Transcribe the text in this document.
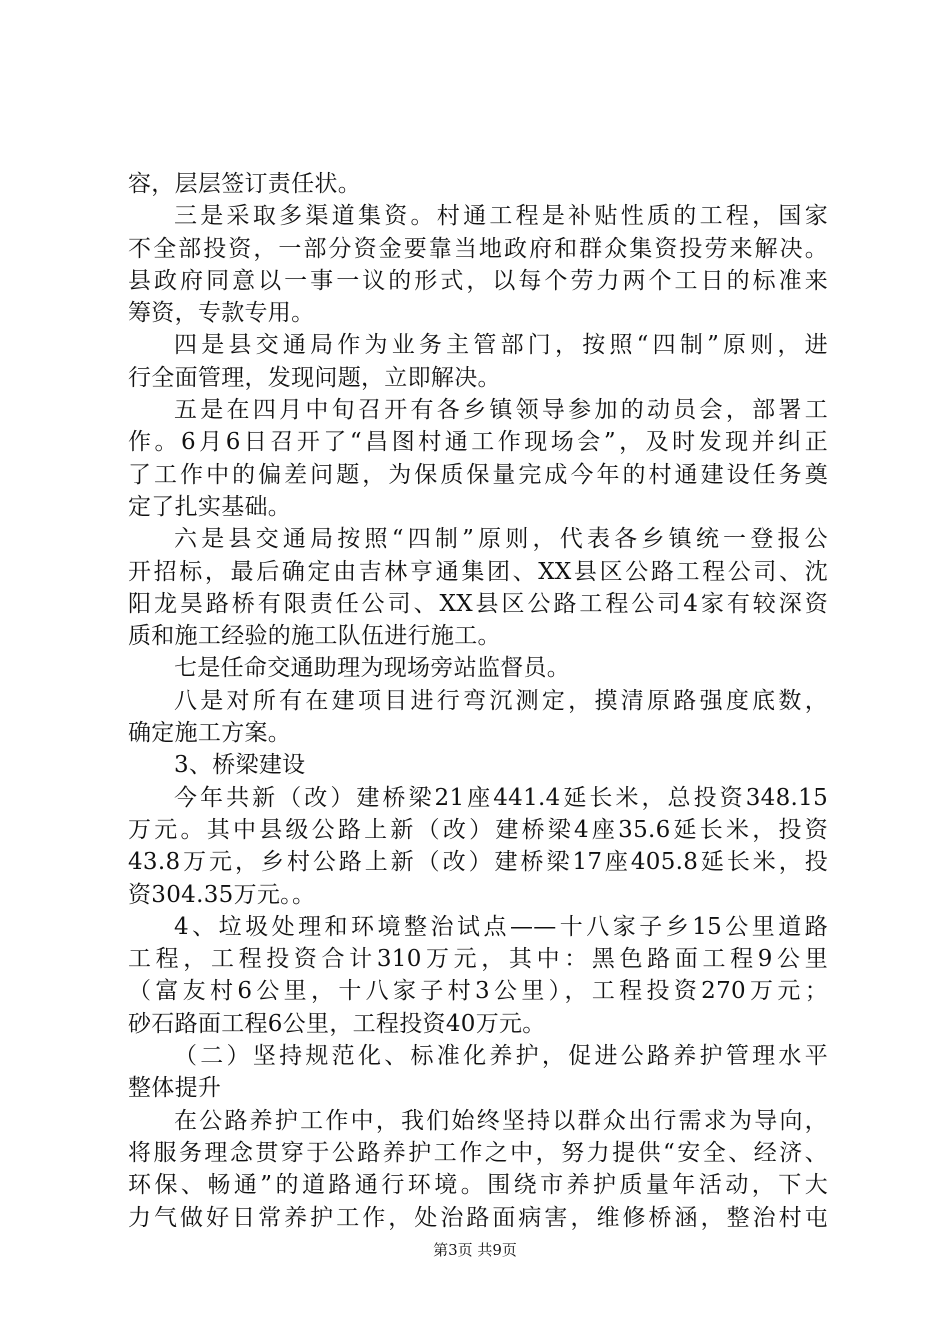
容，层层签订责任状。
三是采取多渠道集资。村通工程是补贴性质的工程，国家
不全部投资，一部分资金要靠当地政府和群众集资投劳来解决。
县政府同意以一事一议的形式，以每个劳力两个工日的标准来
筹资，专款专用。
四是县交通局作为业务主管部门，按照“四制”原则，进
行全面管理，发现问题，立即解决。
五是在四月中旬召开有各乡镇领导参加的动员会，部署工
作。6月6日召开了“昌图村通工作现场会”，及时发现并纠正
了工作中的偏差问题，为保质保量完成今年的村通建设任务奠
定了扎实基础。
六是县交通局按照“四制”原则，代表各乡镇统一登报公
开招标，最后确定由吉林亨通集团、XX县区公路工程公司、沈
阳龙昊路桥有限责任公司、XX县区公路工程公司4家有较深资
质和施工经验的施工队伍进行施工。
七是任命交通助理为现场旁站监督员。
八是对所有在建项目进行弯沉测定，摸清原路强度底数，
确定施工方案。
3、桥梁建设
今年共新（改）建桥梁21座441.4延长米，总投资348.15
万元。其中县级公路上新（改）建桥梁4座35.6延长米，投资
43.8万元，乡村公路上新（改）建桥梁17座405.8延长米，投
资304.35万元。。
4、垃圾处理和环境整治试点——十八家子乡15公里道路
工程，工程投资合计310万元，其中：黑色路面工程9公里
（富友村6公里，十八家子村3公里），工程投资270万元；
砂石路面工程6公里，工程投资40万元。
（二）坚持规范化、标准化养护，促进公路养护管理水平
整体提升
在公路养护工作中，我们始终坚持以群众出行需求为导向，
将服务理念贯穿于公路养护工作之中，努力提供“安全、经济、
环保、畅通”的道路通行环境。围绕市养护质量年活动，下大
力气做好日常养护工作，处治路面病害，维修桥涵，整治村屯
第3页 共9页
